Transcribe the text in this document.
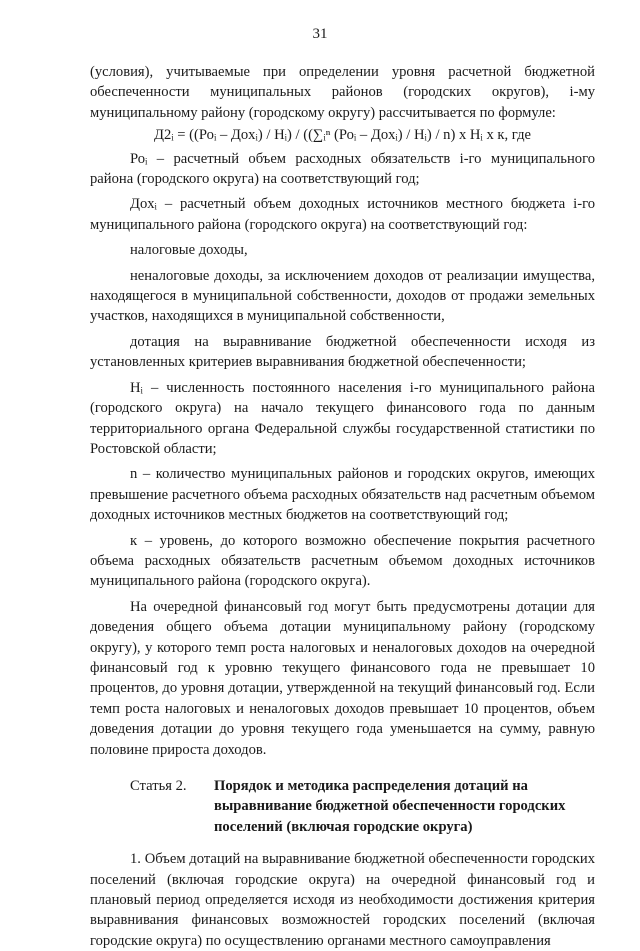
31

(условия), учитываемые при определении уровня расчетной бюджетной обеспеченности муниципальных районов (городских округов), i-му муниципальному району (городскому округу) рассчитывается по формуле:

Д2ᵢ = ((Роᵢ – Доxᵢ) / Нᵢ) / ((∑ᵢⁿ (Роᵢ – Доxᵢ) / Нᵢ) / n) x Нᵢ x к, где

Роᵢ – расчетный объем расходных обязательств i-го муниципального района (городского округа) на соответствующий год;

Доxᵢ – расчетный объем доходных источников местного бюджета i-го муниципального района (городского округа) на соответствующий год:

налоговые доходы,

неналоговые доходы, за исключением доходов от реализации имущества, находящегося в муниципальной собственности, доходов от продажи земельных участков, находящихся в муниципальной собственности,

дотация на выравнивание бюджетной обеспеченности исходя из установленных критериев выравнивания бюджетной обеспеченности;

Нᵢ – численность постоянного населения i-го муниципального района (городского округа) на начало текущего финансового года по данным территориального органа Федеральной службы государственной статистики по Ростовской области;

n – количество муниципальных районов и городских округов, имеющих превышение расчетного объема расходных обязательств над расчетным объемом доходных источников местных бюджетов на соответствующий год;

к – уровень, до которого возможно обеспечение покрытия расчетного объема расходных обязательств расчетным объемом доходных источников муниципального района (городского округа).

На очередной финансовый год могут быть предусмотрены дотации для доведения общего объема дотации муниципальному району (городскому округу), у которого темп роста налоговых и неналоговых доходов на очередной финансовый год к уровню текущего финансового года не превышает 10 процентов, до уровня дотации, утвержденной на текущий финансовый год. Если темп роста налоговых и неналоговых доходов превышает 10 процентов, объем доведения дотации до уровня текущего года уменьшается на сумму, равную половине прироста доходов.

Статья 2.	Порядок и методика распределения дотаций на выравнивание бюджетной обеспеченности городских поселений (включая городские округа)

1. Объем дотаций на выравнивание бюджетной обеспеченности городских поселений (включая городские округа) на очередной финансовый год и плановый период определяется исходя из необходимости достижения критерия выравнивания финансовых возможностей городских поселений (включая городские округа) по осуществлению органами местного самоуправления
